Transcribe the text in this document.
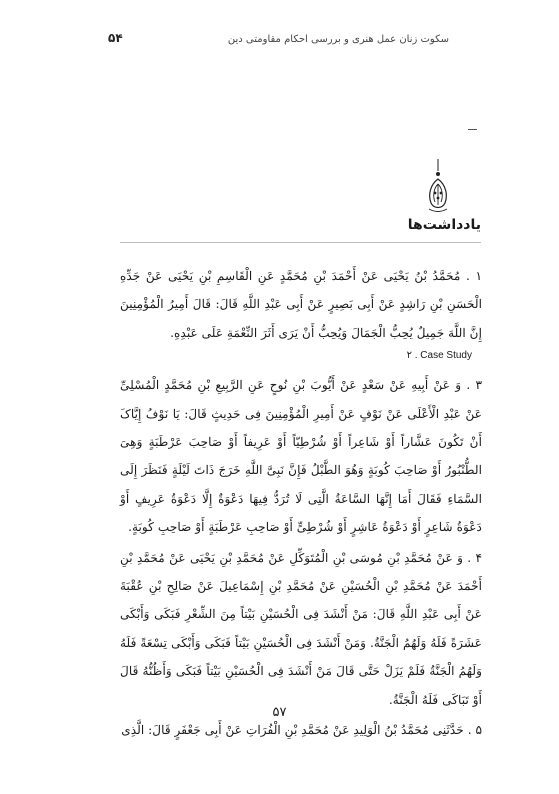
سکوت زنان عمل هنری و بررسی احکام مقاومتی دین
۵۴
یادداشت‌ها

۱ . مُحَمَّدُ بْنُ یَحْیَی عَنْ أَحْمَدَ بْنِ مُحَمَّدٍ عَنِ الْقَاسِمِ بْنِ یَحْیَی عَنْ جَدِّهِ الْحَسَنِ بْنِ رَاشِدٍ عَنْ أَبِی بَصِیرٍ عَنْ أَبِی عَبْدِ اللَّهِ قَالَ: قَالَ أَمِیرُ الْمُؤْمِنِینَ إِنَّ اللَّهَ جَمِیلٌ یُحِبُّ الْجَمَالَ وَیُحِبُّ أَنْ یَرَی أَثَرَ النِّعْمَةِ عَلَی عَبْدِهِ.

۲ . Case Study

۳ . وَ عَنْ أَبِیهِ عَنْ سَعْدٍ عَنْ أَیُّوبَ بْنِ نُوحٍ عَنِ الرَّبِیعِ بْنِ مُحَمَّدٍ الْمُسْلِیِّ عَنْ عَبْدِ الْأَعْلَی عَنْ نَوْفٍ عَنْ أَمِیرِ الْمُؤْمِنِینَ فِی حَدِیثٍ قَالَ: یَا نَوْفُ إِیَّاکَ أَنْ تَکُونَ عَشَّاراً أَوْ شَاعِراً أَوْ شُرْطِیّاً أَوْ عَرِیفاً أَوْ صَاحِبَ عَرْطَبَةٍ وَهِیَ الطُّنْبُورُ أَوْ صَاحِبَ کُوبَةٍ وَهُوَ الطَّبْلُ فَإِنَّ نَبِیَّ اللَّهِ خَرَجَ ذَاتَ لَیْلَةٍ فَنَظَرَ إِلَی السَّمَاءِ فَقَالَ أَمَا إِنَّهَا السَّاعَةُ الَّتِی لَا تُرَدُّ فِیهَا دَعْوَةٌ إِلَّا دَعْوَةُ عَرِیفٍ أَوْ دَعْوَةُ شَاعِرٍ أَوْ دَعْوَةُ عَاشِرٍ أَوْ شُرْطِیٍّ أَوْ صَاحِبِ عَرْطَبَةٍ أَوْ صَاحِبِ کُوبَةٍ.

۴ . وَ عَنْ مُحَمَّدِ بْنِ مُوسَی بْنِ الْمُتَوَکِّلِ عَنْ مُحَمَّدِ بْنِ یَحْیَی عَنْ مُحَمَّدِ بْنِ أَحْمَدَ عَنْ مُحَمَّدِ بْنِ الْحُسَیْنِ عَنْ مُحَمَّدِ بْنِ إِسْمَاعِیلَ عَنْ صَالِحِ بْنِ عُقْبَةَ عَنْ أَبِی عَبْدِ اللَّهِ قَالَ: مَنْ أَنْشَدَ فِی الْحُسَیْنِ بَیْتاً مِنَ الشِّعْرِ فَبَکَی وَأَبْکَی عَشَرَةً فَلَهُ وَلَهُمُ الْجَنَّةُ. وَمَنْ أَنْشَدَ فِی الْحُسَیْنِ بَیْتاً فَبَکَی وَأَبْکَی تِسْعَةً فَلَهُ وَلَهُمُ الْجَنَّةُ فَلَمْ یَزَلْ حَتَّی قَالَ مَنْ أَنْشَدَ فِی الْحُسَیْنِ بَیْتاً فَبَکَی وَأَظُنُّهُ قَالَ أَوْ تَبَاکَی فَلَهُ الْجَنَّةُ.

۵ . حَدَّثَنِی مُحَمَّدُ بْنُ الْوَلِیدِ عَنْ مُحَمَّدِ بْنِ الْفُرَاتِ عَنْ أَبِی جَعْفَرٍ قَالَ: الَّذِی

۵۷
